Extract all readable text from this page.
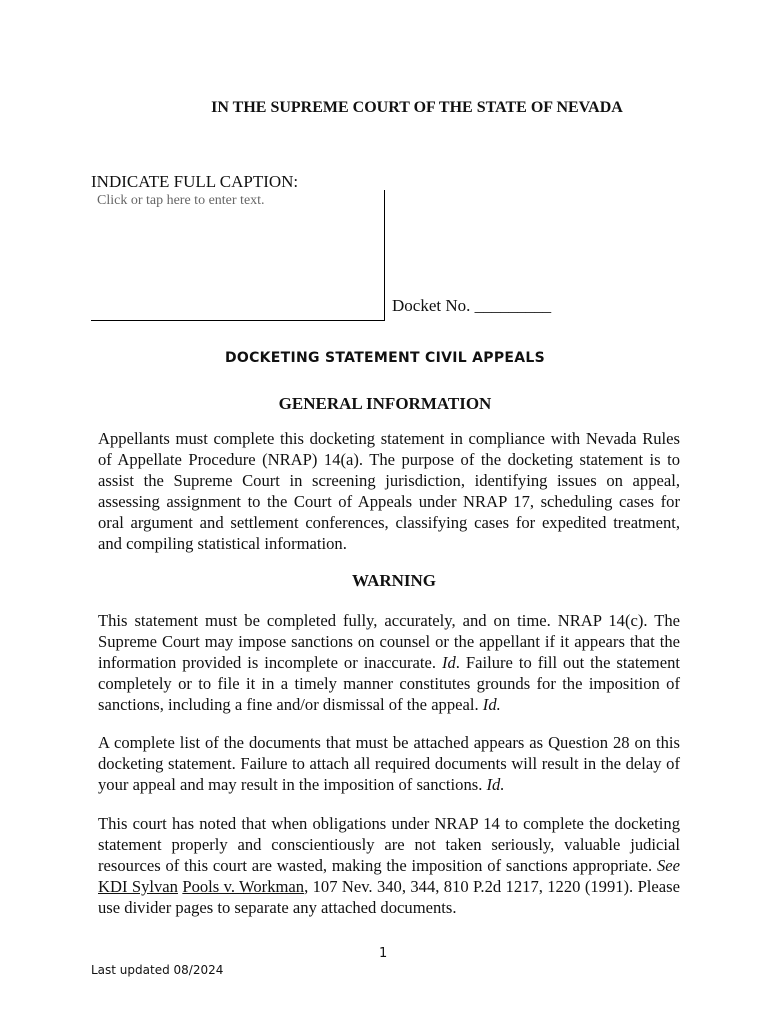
IN THE SUPREME COURT OF THE STATE OF NEVADA
INDICATE FULL CAPTION:
Click or tap here to enter text.
Docket No. _________
DOCKETING STATEMENT CIVIL APPEALS
GENERAL INFORMATION
Appellants must complete this docketing statement in compliance with Nevada Rules of Appellate Procedure (NRAP) 14(a). The purpose of the docketing statement is to assist the Supreme Court in screening jurisdiction, identifying issues on appeal, assessing assignment to the Court of Appeals under NRAP 17, scheduling cases for oral argument and settlement conferences, classifying cases for expedited treatment, and compiling statistical information.
WARNING
This statement must be completed fully, accurately, and on time. NRAP 14(c). The Supreme Court may impose sanctions on counsel or the appellant if it appears that the information provided is incomplete or inaccurate. Id. Failure to fill out the statement completely or to file it in a timely manner constitutes grounds for the imposition of sanctions, including a fine and/or dismissal of the appeal. Id.
A complete list of the documents that must be attached appears as Question 28 on this docketing statement. Failure to attach all required documents will result in the delay of your appeal and may result in the imposition of sanctions. Id.
This court has noted that when obligations under NRAP 14 to complete the docketing statement properly and conscientiously are not taken seriously, valuable judicial resources of this court are wasted, making the imposition of sanctions appropriate. See KDI Sylvan Pools v. Workman, 107 Nev. 340, 344, 810 P.2d 1217, 1220 (1991). Please use divider pages to separate any attached documents.
1
Last updated 08/2024
